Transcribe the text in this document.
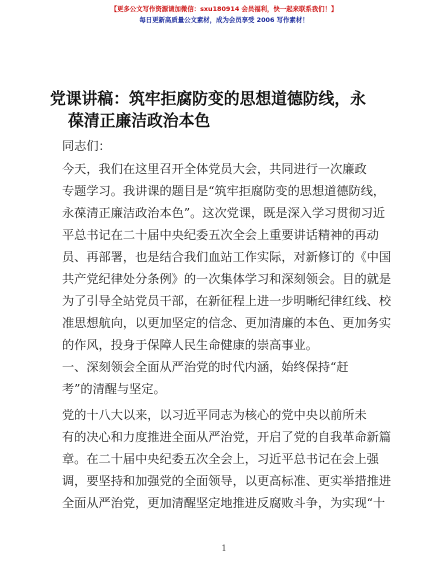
【更多公文写作资源请加微信：sxu180914 会员福利，快一起来联系我们！】
每日更新高质量公文素材，成为会员享受 2006 写作素材！
党课讲稿：筑牢拒腐防变的思想道德防线，永
葆清正廉洁政治本色
同志们：
今天，我们在这里召开全体党员大会，共同进行一次廉政
专题学习。我讲课的题目是“筑牢拒腐防变的思想道德防线，
永葆清正廉洁政治本色”。这次党课，既是深入学习贯彻习近
平总书记在二十届中央纪委五次全会上重要讲话精神的再动
员、再部署，也是结合我们血站工作实际，对新修订的《中国
共产党纪律处分条例》的一次集体学习和深刻领会。目的就是
为了引导全站党员干部，在新征程上进一步明晰纪律红线、校
准思想航向，以更加坚定的信念、更加清廉的本色、更加务实
的作风，投身于保障人民生命健康的崇高事业。
一、深刻领会全面从严治党的时代内涵，始终保持“赶
考”的清醒与坚定。
党的十八大以来，以习近平同志为核心的党中央以前所未
有的决心和力度推进全面从严治党，开启了党的自我革命新篇
章。在二十届中央纪委五次全会上，习近平总书记在会上强
调，要坚持和加强党的全面领导，以更高标准、更实举措推进
全面从严治党，更加清醒坚定地推进反腐败斗争，为实现“十
1
